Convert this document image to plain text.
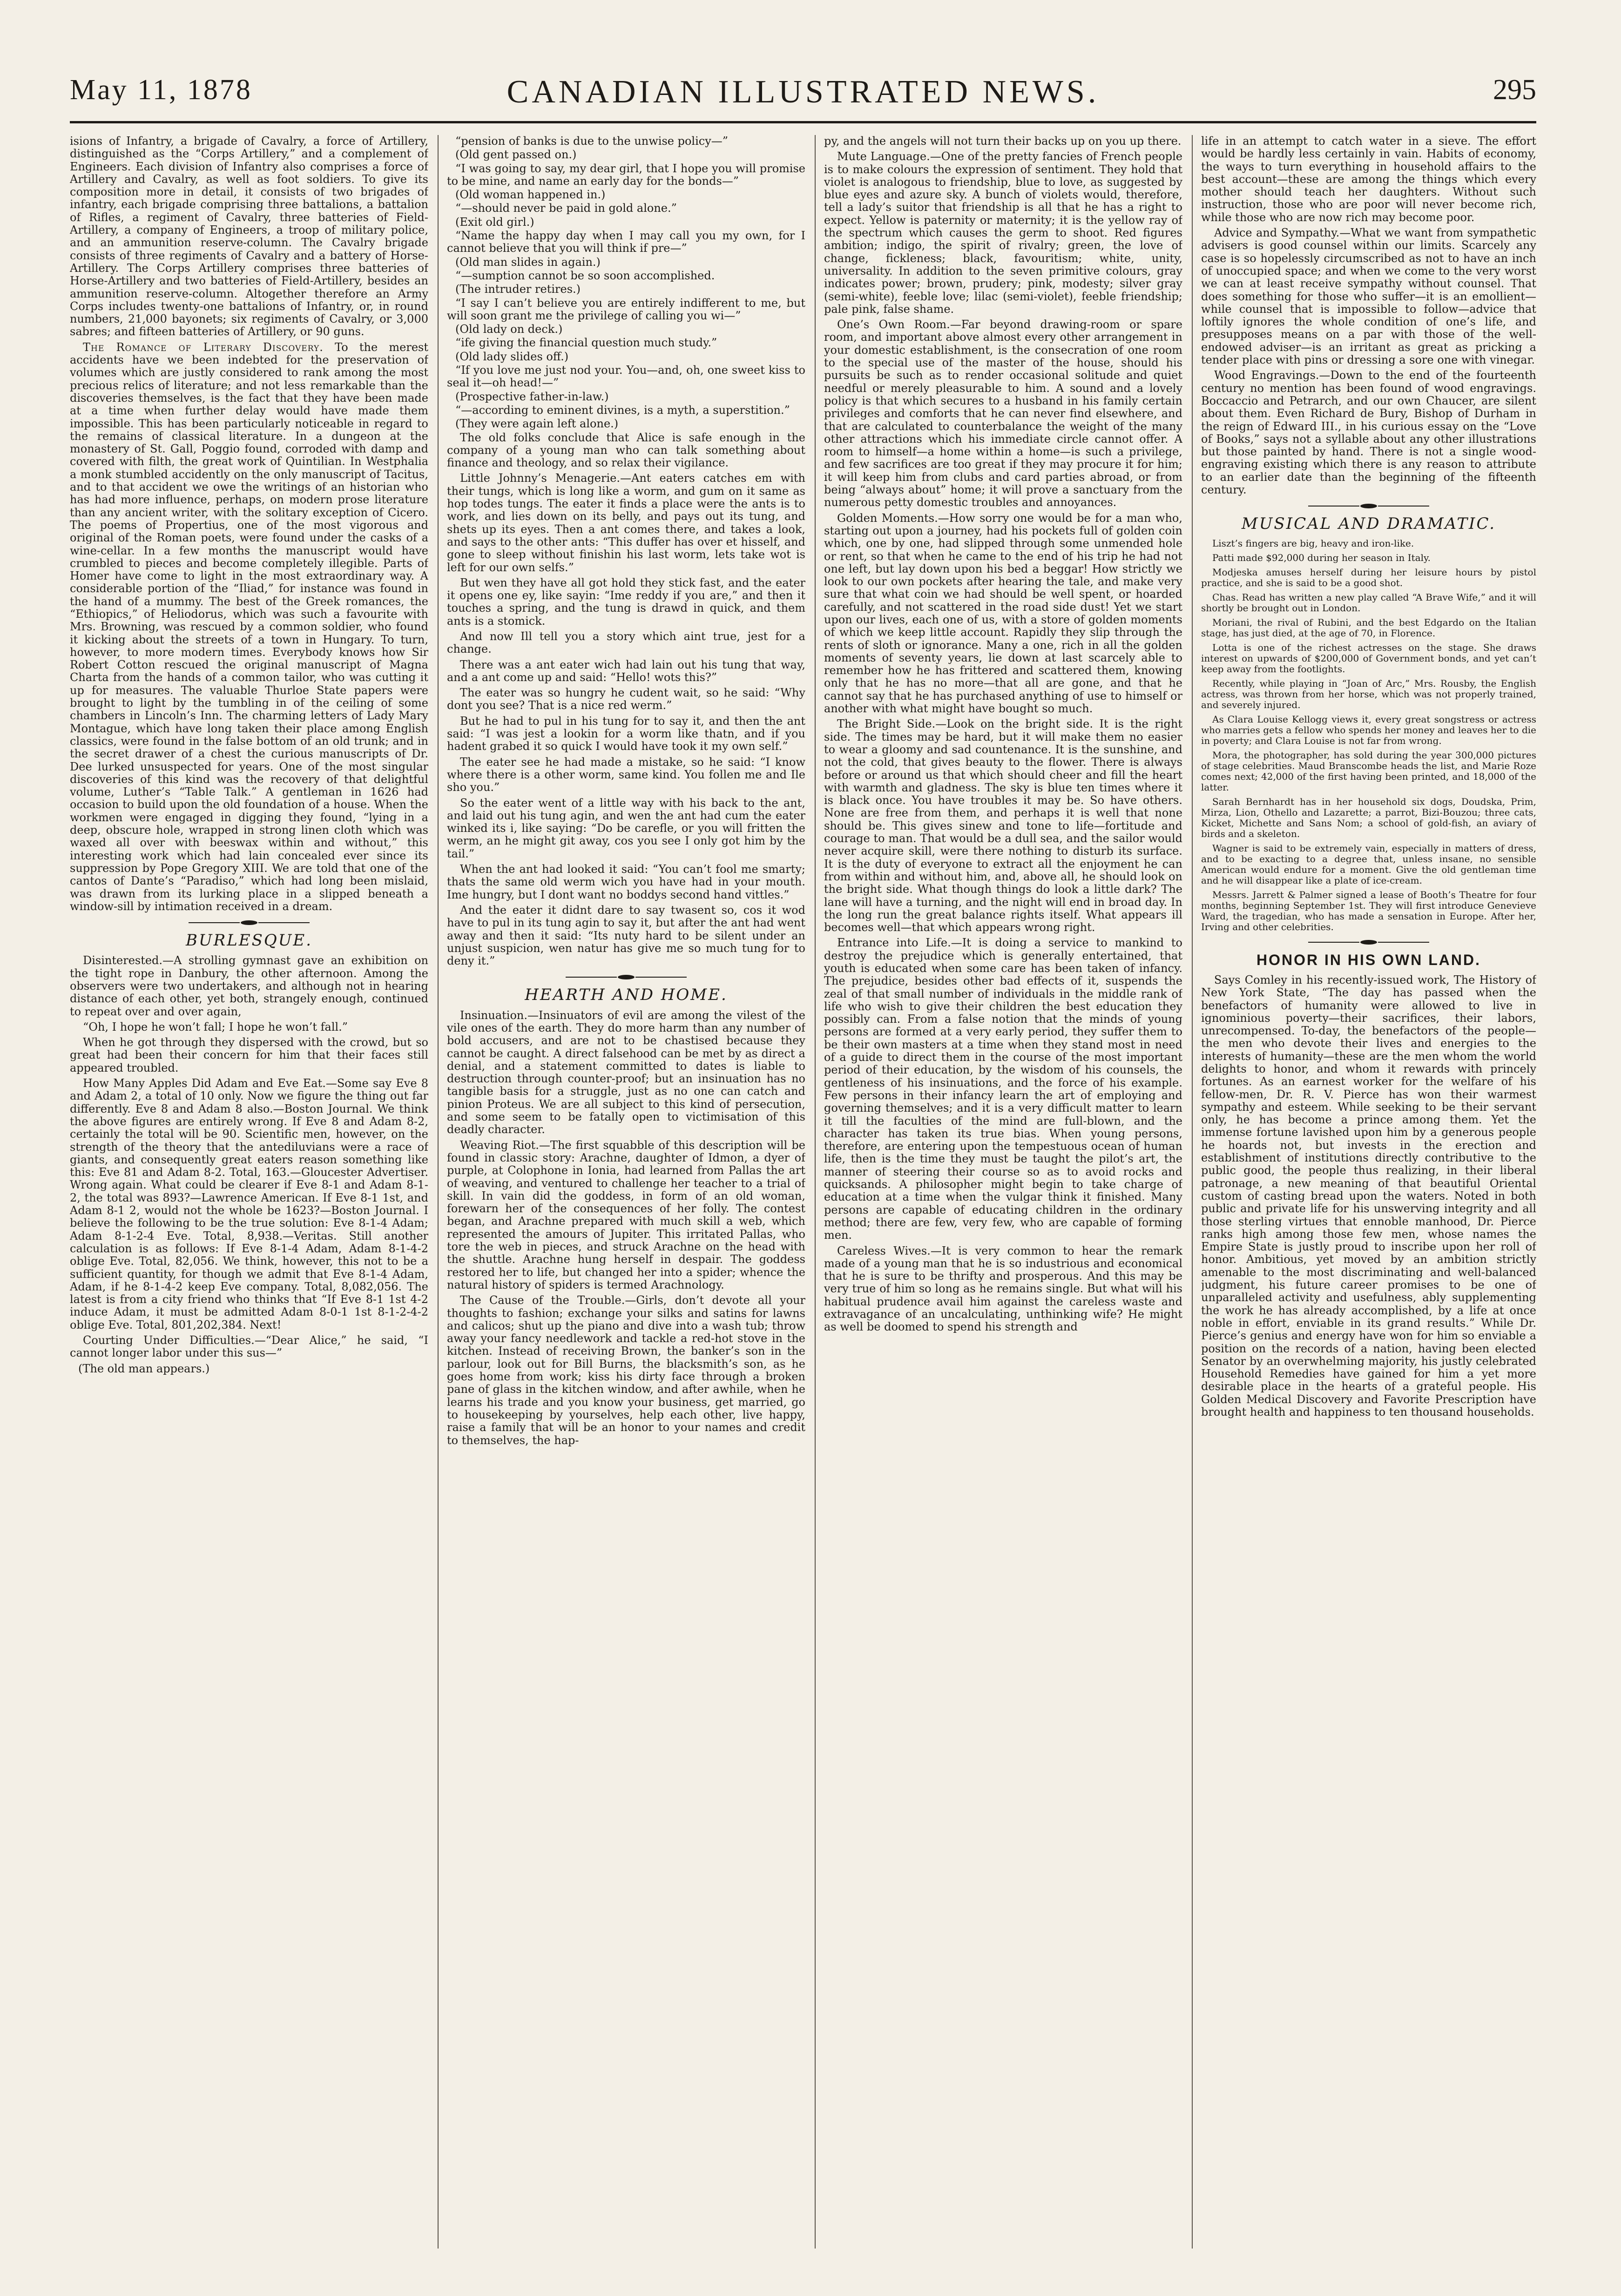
May 11, 1878	CANADIAN ILLUSTRATED NEWS.	295

isions of Infantry, a brigade of Cavalry, a force of Artillery, distinguished as the “Corps Artillery,” and a complement of Engineers. Each division of Infantry also comprises a force of Artillery and Cavalry, as well as foot soldiers. To give its composition more in detail, it consists of two brigades of infantry, each brigade comprising three battalions, a battalion of Rifles, a regiment of Cavalry, three batteries of Field-Artillery, a company of Engineers, a troop of military police, and an ammunition reserve-column. The Cavalry brigade consists of three regiments of Cavalry and a battery of Horse-Artillery. The Corps Artillery comprises three batteries of Horse-Artillery and two batteries of Field-Artillery, besides an ammunition reserve-column. Altogether therefore an Army Corps includes twenty-one battalions of Infantry, or, in round numbers, 21,000 bayonets; six regiments of Cavalry, or 3,000 sabres; and fifteen batteries of Artillery, or 90 guns.

The Romance of Literary Discovery. To the merest accidents have we been indebted for the preservation of volumes which are justly considered to rank among the most precious relics of literature; and not less remarkable than the discoveries themselves, is the fact that they have been made at a time when further delay would have made them impossible. This has been particularly noticeable in regard to the remains of classical literature. In a dungeon at the monastery of St. Gall, Poggio found, corroded with damp and covered with filth, the great work of Quintilian. In Westphalia a monk stumbled accidently on the only manuscript of Tacitus, and to that accident we owe the writings of an historian who has had more influence, perhaps, on modern prose literature than any ancient writer, with the solitary exception of Cicero. The poems of Propertius, one of the most vigorous and original of the Roman poets, were found under the casks of a wine-cellar. In a few months the manuscript would have crumbled to pieces and become completely illegible. Parts of Homer have come to light in the most extraordinary way. A considerable portion of the “Iliad,” for instance was found in the hand of a mummy. The best of the Greek romances, the “Ethiopics,” of Heliodorus, which was such a favourite with Mrs. Browning, was rescued by a common soldier, who found it kicking about the streets of a town in Hungary. To turn, however, to more modern times. Everybody knows how Sir Robert Cotton rescued the original manuscript of Magna Charta from the hands of a common tailor, who was cutting it up for measures. The valuable Thurloe State papers were brought to light by the tumbling in of the ceiling of some chambers in Lincoln’s Inn. The charming letters of Lady Mary Montague, which have long taken their place among English classics, were found in the false bottom of an old trunk; and in the secret drawer of a chest the curious manuscripts of Dr. Dee lurked unsuspected for years. One of the most singular discoveries of this kind was the recovery of that delightful volume, Luther’s “Table Talk.” A gentleman in 1626 had occasion to build upon the old foundation of a house. When the workmen were engaged in digging they found, “lying in a deep, obscure hole, wrapped in strong linen cloth which was waxed all over with beeswax within and without,” this interesting work which had lain concealed ever since its suppression by Pope Gregory XIII. We are told that one of the cantos of Dante’s “Paradiso,” which had long been mislaid, was drawn from its lurking place in a slipped beneath a window-sill by intimation received in a dream.

BURLESQUE.

Disinterested.—A strolling gymnast gave an exhibition on the tight rope in Danbury, the other afternoon. Among the observers were two undertakers, and although not in hearing distance of each other, yet both, strangely enough, continued to repeat over and over again,

“Oh, I hope he won’t fall; I hope he won’t fall.”

When he got through they dispersed with the crowd, but so great had been their concern for him that their faces still appeared troubled.

How Many Apples Did Adam and Eve Eat.—Some say Eve 8 and Adam 2, a total of 10 only. Now we figure the thing out far differently. Eve 8 and Adam 8 also.—Boston Journal. We think the above figures are entirely wrong. If Eve 8 and Adam 8-2, certainly the total will be 90. Scientific men, however, on the strength of the theory that the antediluvians were a race of giants, and consequently great eaters reason something like this: Eve 81 and Adam 8-2. Total, 163.—Gloucester Advertiser. Wrong again. What could be clearer if Eve 8-1 and Adam 8-1-2, the total was 893?—Lawrence American. If Eve 8-1 1st, and Adam 8-1 2, would not the whole be 1623?—Boston Journal. I believe the following to be the true solution: Eve 8-1-4 Adam; Adam 8-1-2-4 Eve. Total, 8,938.—Veritas. Still another calculation is as follows: If Eve 8-1-4 Adam, Adam 8-1-4-2 oblige Eve. Total, 82,056. We think, however, this not to be a sufficient quantity, for though we admit that Eve 8-1-4 Adam, Adam, if he 8-1-4-2 keep Eve company. Total, 8,082,056. The latest is from a city friend who thinks that “If Eve 8-1 1st 4-2 induce Adam, it must be admitted Adam 8-0-1 1st 8-1-2-4-2 oblige Eve. Total, 801,202,384. Next!

Courting Under Difficulties.—“Dear Alice,” he said, “I cannot longer labor under this sus—”

(The old man appears.)

“pension of banks is due to the unwise policy—”

(Old gent passed on.)

“I was going to say, my dear girl, that I hope you will promise to be mine, and name an early day for the bonds—”

(Old woman happened in.)

“—should never be paid in gold alone.”

(Exit old girl.)

“Name the happy day when I may call you my own, for I cannot believe that you will think if pre—”

(Old man slides in again.)

“—sumption cannot be so soon accomplished.

(The intruder retires.)

“I say I can’t believe you are entirely indifferent to me, but will soon grant me the privilege of calling you wi—”

(Old lady on deck.)

“ife giving the financial question much study.”

(Old lady slides off.)

“If you love me just nod your. You—and, oh, one sweet kiss to seal it—oh head!—”

(Prospective father-in-law.)

“—according to eminent divines, is a myth, a superstition.”

(They were again left alone.)

The old folks conclude that Alice is safe enough in the company of a young man who can talk something about finance and theology, and so relax their vigilance.

Little Johnny’s Menagerie.—Ant eaters catches em with their tungs, which is long like a worm, and gum on it same as hop todes tungs. The eater it finds a place were the ants is to work, and lies down on its belly, and pays out its tung, and shets up its eyes. Then a ant comes there, and takes a look, and says to the other ants: “This duffer has over et hisself, and gone to sleep without finishin his last worm, lets take wot is left for our own selfs.”

But wen they have all got hold they stick fast, and the eater it opens one ey, like sayin: “Ime reddy if you are,” and then it touches a spring, and the tung is drawd in quick, and them ants is a stomick.

And now Ill tell you a story which aint true, jest for a change.

There was a ant eater wich had lain out his tung that way, and a ant come up and said: “Hello! wots this?”

The eater was so hungry he cudent wait, so he said: “Why dont you see? That is a nice red werm.”

But he had to pul in his tung for to say it, and then the ant said: “I was jest a lookin for a worm like thatn, and if you hadent grabed it so quick I would have took it my own self.”

The eater see he had made a mistake, so he said: “I know where there is a other worm, same kind. You follen me and Ile sho you.”

So the eater went of a little way with his back to the ant, and laid out his tung agin, and wen the ant had cum the eater winked its i, like saying: “Do be carefle, or you will fritten the werm, an he might git away, cos you see I only got him by the tail.”

When the ant had looked it said: “You can’t fool me smarty; thats the same old werm wich you have had in your mouth. Ime hungry, but I dont want no boddys second hand vittles.”

And the eater it didnt dare to say twasent so, cos it wod have to pul in its tung agin to say it, but after the ant had went away and then it said: “Its nuty hard to be silent under an unjust suspicion, wen natur has give me so much tung for to deny it.”

HEARTH AND HOME.

Insinuation.—Insinuators of evil are among the vilest of the vile ones of the earth. They do more harm than any number of bold accusers, and are not to be chastised because they cannot be caught. A direct falsehood can be met by as direct a denial, and a statement committed to dates is liable to destruction through counter-proof; but an insinuation has no tangible basis for a struggle, just as no one can catch and pinion Proteus. We are all subject to this kind of persecution, and some seem to be fatally open to victimisation of this deadly character.

Weaving Riot.—The first squabble of this description will be found in classic story: Arachne, daughter of Idmon, a dyer of purple, at Colophone in Ionia, had learned from Pallas the art of weaving, and ventured to challenge her teacher to a trial of skill. In vain did the goddess, in form of an old woman, forewarn her of the consequences of her folly. The contest began, and Arachne prepared with much skill a web, which represented the amours of Jupiter. This irritated Pallas, who tore the web in pieces, and struck Arachne on the head with the shuttle. Arachne hung herself in despair. The goddess restored her to life, but changed her into a spider; whence the natural history of spiders is termed Arachnology.

The Cause of the Trouble.—Girls, don’t devote all your thoughts to fashion; exchange your silks and satins for lawns and calicos; shut up the piano and dive into a wash tub; throw away your fancy needlework and tackle a red-hot stove in the kitchen. Instead of receiving Brown, the banker’s son in the parlour, look out for Bill Burns, the blacksmith’s son, as he goes home from work; kiss his dirty face through a broken pane of glass in the kitchen window, and after awhile, when he learns his trade and you know your business, get married, go to housekeeping by yourselves, help each other, live happy, raise a family that will be an honor to your names and credit to themselves, the hap-

py, and the angels will not turn their backs up on you up there.

Mute Language.—One of the pretty fancies of French people is to make colours the expression of sentiment. They hold that violet is analogous to friendship, blue to love, as suggested by blue eyes and azure sky. A bunch of violets would, therefore, tell a lady’s suitor that friendship is all that he has a right to expect. Yellow is paternity or maternity; it is the yellow ray of the spectrum which causes the germ to shoot. Red figures ambition; indigo, the spirit of rivalry; green, the love of change, fickleness; black, favouritism; white, unity, universality. In addition to the seven primitive colours, gray indicates power; brown, prudery; pink, modesty; silver gray (semi-white), feeble love; lilac (semi-violet), feeble friendship; pale pink, false shame.

One’s Own Room.—Far beyond drawing-room or spare room, and important above almost every other arrangement in your domestic establishment, is the consecration of one room to the special use of the master of the house, should his pursuits be such as to render occasional solitude and quiet needful or merely pleasurable to him. A sound and a lovely policy is that which secures to a husband in his family certain privileges and comforts that he can never find elsewhere, and that are calculated to counterbalance the weight of the many other attractions which his immediate circle cannot offer. A room to himself—a home within a home—is such a privilege, and few sacrifices are too great if they may procure it for him; it will keep him from clubs and card parties abroad, or from being “always about” home; it will prove a sanctuary from the numerous petty domestic troubles and annoyances.

Golden Moments.—How sorry one would be for a man who, starting out upon a journey, had his pockets full of golden coin which, one by one, had slipped through some unmended hole or rent, so that when he came to the end of his trip he had not one left, but lay down upon his bed a beggar! How strictly we look to our own pockets after hearing the tale, and make very sure that what coin we had should be well spent, or hoarded carefully, and not scattered in the road side dust! Yet we start upon our lives, each one of us, with a store of golden moments of which we keep little account. Rapidly they slip through the rents of sloth or ignorance. Many a one, rich in all the golden moments of seventy years, lie down at last scarcely able to remember how he has frittered and scattered them, knowing only that he has no more—that all are gone, and that he cannot say that he has purchased anything of use to himself or another with what might have bought so much.

The Bright Side.—Look on the bright side. It is the right side. The times may be hard, but it will make them no easier to wear a gloomy and sad countenance. It is the sunshine, and not the cold, that gives beauty to the flower. There is always before or around us that which should cheer and fill the heart with warmth and gladness. The sky is blue ten times where it is black once. You have troubles it may be. So have others. None are free from them, and perhaps it is well that none should be. This gives sinew and tone to life—fortitude and courage to man. That would be a dull sea, and the sailor would never acquire skill, were there nothing to disturb its surface. It is the duty of everyone to extract all the enjoyment he can from within and without him, and, above all, he should look on the bright side. What though things do look a little dark? The lane will have a turning, and the night will end in broad day. In the long run the great balance rights itself. What appears ill becomes well—that which appears wrong right.

Entrance into Life.—It is doing a service to mankind to destroy the prejudice which is generally entertained, that youth is educated when some care has been taken of infancy. The prejudice, besides other bad effects of it, suspends the zeal of that small number of individuals in the middle rank of life who wish to give their children the best education they possibly can. From a false notion that the minds of young persons are formed at a very early period, they suffer them to be their own masters at a time when they stand most in need of a guide to direct them in the course of the most important period of their education, by the wisdom of his counsels, the gentleness of his insinuations, and the force of his example. Few persons in their infancy learn the art of employing and governing themselves; and it is a very difficult matter to learn it till the faculties of the mind are full-blown, and the character has taken its true bias. When young persons, therefore, are entering upon the tempestuous ocean of human life, then is the time they must be taught the pilot’s art, the manner of steering their course so as to avoid rocks and quicksands. A philosopher might begin to take charge of education at a time when the vulgar think it finished. Many persons are capable of educating children in the ordinary method; there are few, very few, who are capable of forming men.

Careless Wives.—It is very common to hear the remark made of a young man that he is so industrious and economical that he is sure to be thrifty and prosperous. And this may be very true of him so long as he remains single. But what will his habitual prudence avail him against the careless waste and extravagance of an uncalculating, unthinking wife? He might as well be doomed to spend his strength and

life in an attempt to catch water in a sieve. The effort would be hardly less certainly in vain. Habits of economy, the ways to turn everything in household affairs to the best account—these are among the things which every mother should teach her daughters. Without such instruction, those who are poor will never become rich, while those who are now rich may become poor.

Advice and Sympathy.—What we want from sympathetic advisers is good counsel within our limits. Scarcely any case is so hopelessly circumscribed as not to have an inch of unoccupied space; and when we come to the very worst we can at least receive sympathy without counsel. That does something for those who suffer—it is an emollient—while counsel that is impossible to follow—advice that loftily ignores the whole condition of one’s life, and presupposes means on a par with those of the well-endowed adviser—is an irritant as great as pricking a tender place with pins or dressing a sore one with vinegar.

Wood Engravings.—Down to the end of the fourteenth century no mention has been found of wood engravings. Boccaccio and Petrarch, and our own Chaucer, are silent about them. Even Richard de Bury, Bishop of Durham in the reign of Edward III., in his curious essay on the “Love of Books,” says not a syllable about any other illustrations but those painted by hand. There is not a single wood-engraving existing which there is any reason to attribute to an earlier date than the beginning of the fifteenth century.

MUSICAL AND DRAMATIC.

Liszt’s fingers are big, heavy and iron-like.

Patti made $92,000 during her season in Italy.

Modjeska amuses herself during her leisure hours by pistol practice, and she is said to be a good shot.

Chas. Read has written a new play called “A Brave Wife,” and it will shortly be brought out in London.

Moriani, the rival of Rubini, and the best Edgardo on the Italian stage, has just died, at the age of 70, in Florence.

Lotta is one of the richest actresses on the stage. She draws interest on upwards of $200,000 of Government bonds, and yet can’t keep away from the footlights.

Recently, while playing in “Joan of Arc,” Mrs. Rousby, the English actress, was thrown from her horse, which was not properly trained, and severely injured.

As Clara Louise Kellogg views it, every great songstress or actress who marries gets a fellow who spends her money and leaves her to die in poverty; and Clara Louise is not far from wrong.

Mora, the photographer, has sold during the year 300,000 pictures of stage celebrities. Maud Branscombe heads the list, and Marie Roze comes next; 42,000 of the first having been printed, and 18,000 of the latter.

Sarah Bernhardt has in her household six dogs, Doudska, Prim, Mirza, Lion, Othello and Lazarette; a parrot, Bizi-Bouzou; three cats, Kicket, Michette and Sans Nom; a school of gold-fish, an aviary of birds and a skeleton.

Wagner is said to be extremely vain, especially in matters of dress, and to be exacting to a degree that, unless insane, no sensible American would endure for a moment. Give the old gentleman time and he will disappear like a plate of ice-cream.

Messrs. Jarrett & Palmer signed a lease of Booth’s Theatre for four months, beginning September 1st. They will first introduce Genevieve Ward, the tragedian, who has made a sensation in Europe. After her, Irving and other celebrities.

HONOR IN HIS OWN LAND.

Says Comley in his recently-issued work, The History of New York State, “The day has passed when the benefactors of humanity were allowed to live in ignominious poverty—their sacrifices, their labors, unrecompensed. To-day, the benefactors of the people—the men who devote their lives and energies to the interests of humanity—these are the men whom the world delights to honor, and whom it rewards with princely fortunes. As an earnest worker for the welfare of his fellow-men, Dr. R. V. Pierce has won their warmest sympathy and esteem. While seeking to be their servant only, he has become a prince among them. Yet the immense fortune lavished upon him by a generous people he hoards not, but invests in the erection and establishment of institutions directly contributive to the public good, the people thus realizing, in their liberal patronage, a new meaning of that beautiful Oriental custom of casting bread upon the waters. Noted in both public and private life for his unswerving integrity and all those sterling virtues that ennoble manhood, Dr. Pierce ranks high among those few men, whose names the Empire State is justly proud to inscribe upon her roll of honor. Ambitious, yet moved by an ambition strictly amenable to the most discriminating and well-balanced judgment, his future career promises to be one of unparalleled activity and usefulness, ably supplementing the work he has already accomplished, by a life at once noble in effort, enviable in its grand results.” While Dr. Pierce’s genius and energy have won for him so enviable a position on the records of a nation, having been elected Senator by an overwhelming majority, his justly celebrated Household Remedies have gained for him a yet more desirable place in the hearts of a grateful people. His Golden Medical Discovery and Favorite Prescription have brought health and happiness to ten thousand households.
